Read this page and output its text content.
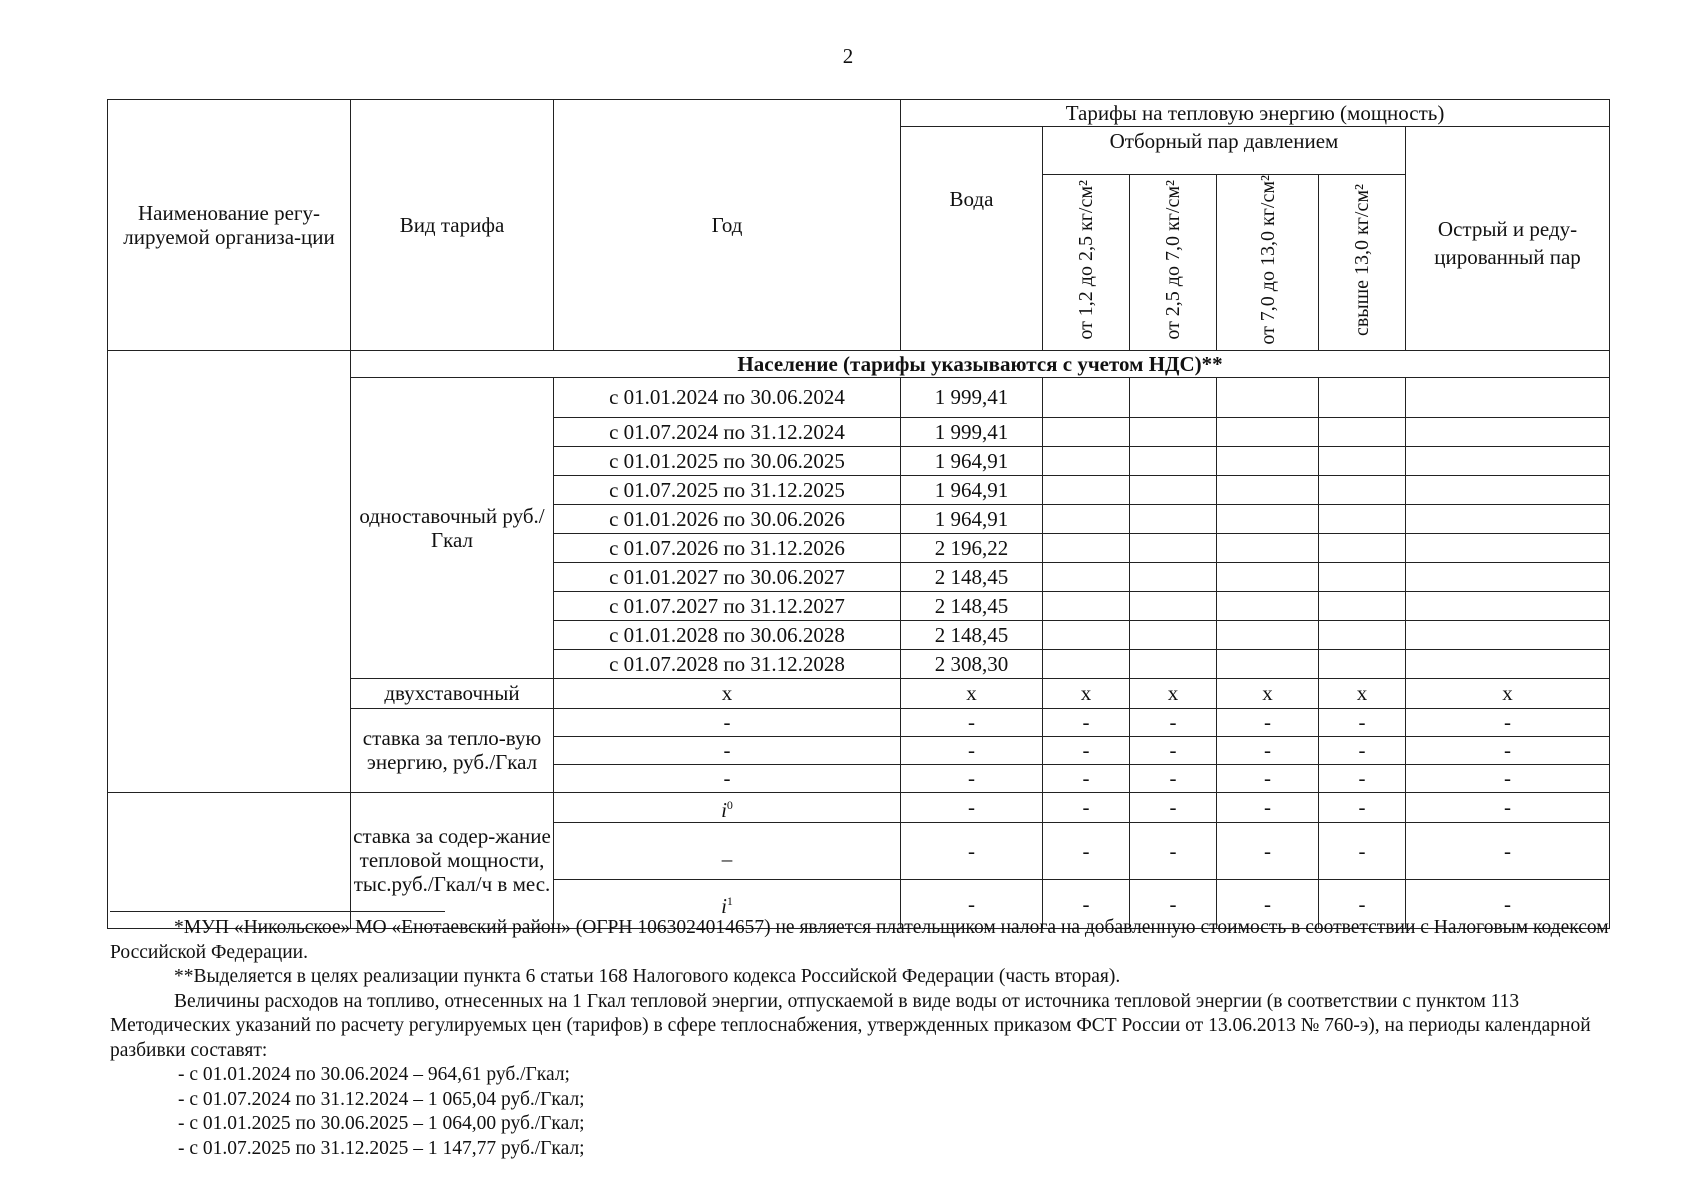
2
Наименование регу-лируемой организа-ции	Вид тарифа	Год	Тарифы на тепловую энергию (мощность)					
			Вода	Отборный пар давлением				Острый и реду-цированный пар
				от 1,2 до 2,5 кг/см²	от 2,5 до 7,0 кг/см²	от 7,0 до 13,0 кг/см²	свыше 13,0 кг/см²	
	Население (тарифы указываются с учетом НДС)**							
	одноставочный руб./Гкал	с 01.01.2024 по 30.06.2024	1 999,41					
		с 01.07.2024 по 31.12.2024	1 999,41					
		с 01.01.2025 по 30.06.2025	1 964,91					
		с 01.07.2025 по 31.12.2025	1 964,91					
		с 01.01.2026 по 30.06.2026	1 964,91					
		с 01.07.2026 по 31.12.2026	2 196,22					
		с 01.01.2027 по 30.06.2027	2 148,45					
		с 01.07.2027 по 31.12.2027	2 148,45					
		с 01.01.2028 по 30.06.2028	2 148,45					
		с 01.07.2028 по 31.12.2028	2 308,30					
	двухставочный	x	x	x	x	x	x	x
	ставка за тепло-вую энергию, руб./Гкал	-	-	-	-	-	-	-
		-	-	-	-	-	-	-
		-	-	-	-	-	-	-
	ставка за содер-жание тепловой мощности, тыс.руб./Гкал/ч в мес.	$i^0$	-	-	-	-	-	-
		–	-	-	-	-	-	-
		$i^1$	-	-	-	-	-	-

*МУП «Никольское» МО «Енотаевский район» (ОГРН 1063024014657) не является плательщиком налога на добавленную стоимость в соответствии с Налоговым кодексом Российской Федерации.

**Выделяется в целях реализации пункта 6 статьи 168 Налогового кодекса Российской Федерации (часть вторая).

Величины расходов на топливо, отнесенных на 1 Гкал тепловой энергии, отпускаемой в виде воды от источника тепловой энергии (в соответствии с пунктом 113 Методических указаний по расчету регулируемых цен (тарифов) в сфере теплоснабжения, утвержденных приказом ФСТ России от 13.06.2013 № 760-э), на периоды календарной разбивки составят:

- с 01.01.2024 по 30.06.2024 – 964,61 руб./Гкал;

- с 01.07.2024 по 31.12.2024 – 1 065,04 руб./Гкал;

- с 01.01.2025 по 30.06.2025 – 1 064,00 руб./Гкал;

- с 01.07.2025 по 31.12.2025 – 1 147,77 руб./Гкал;
